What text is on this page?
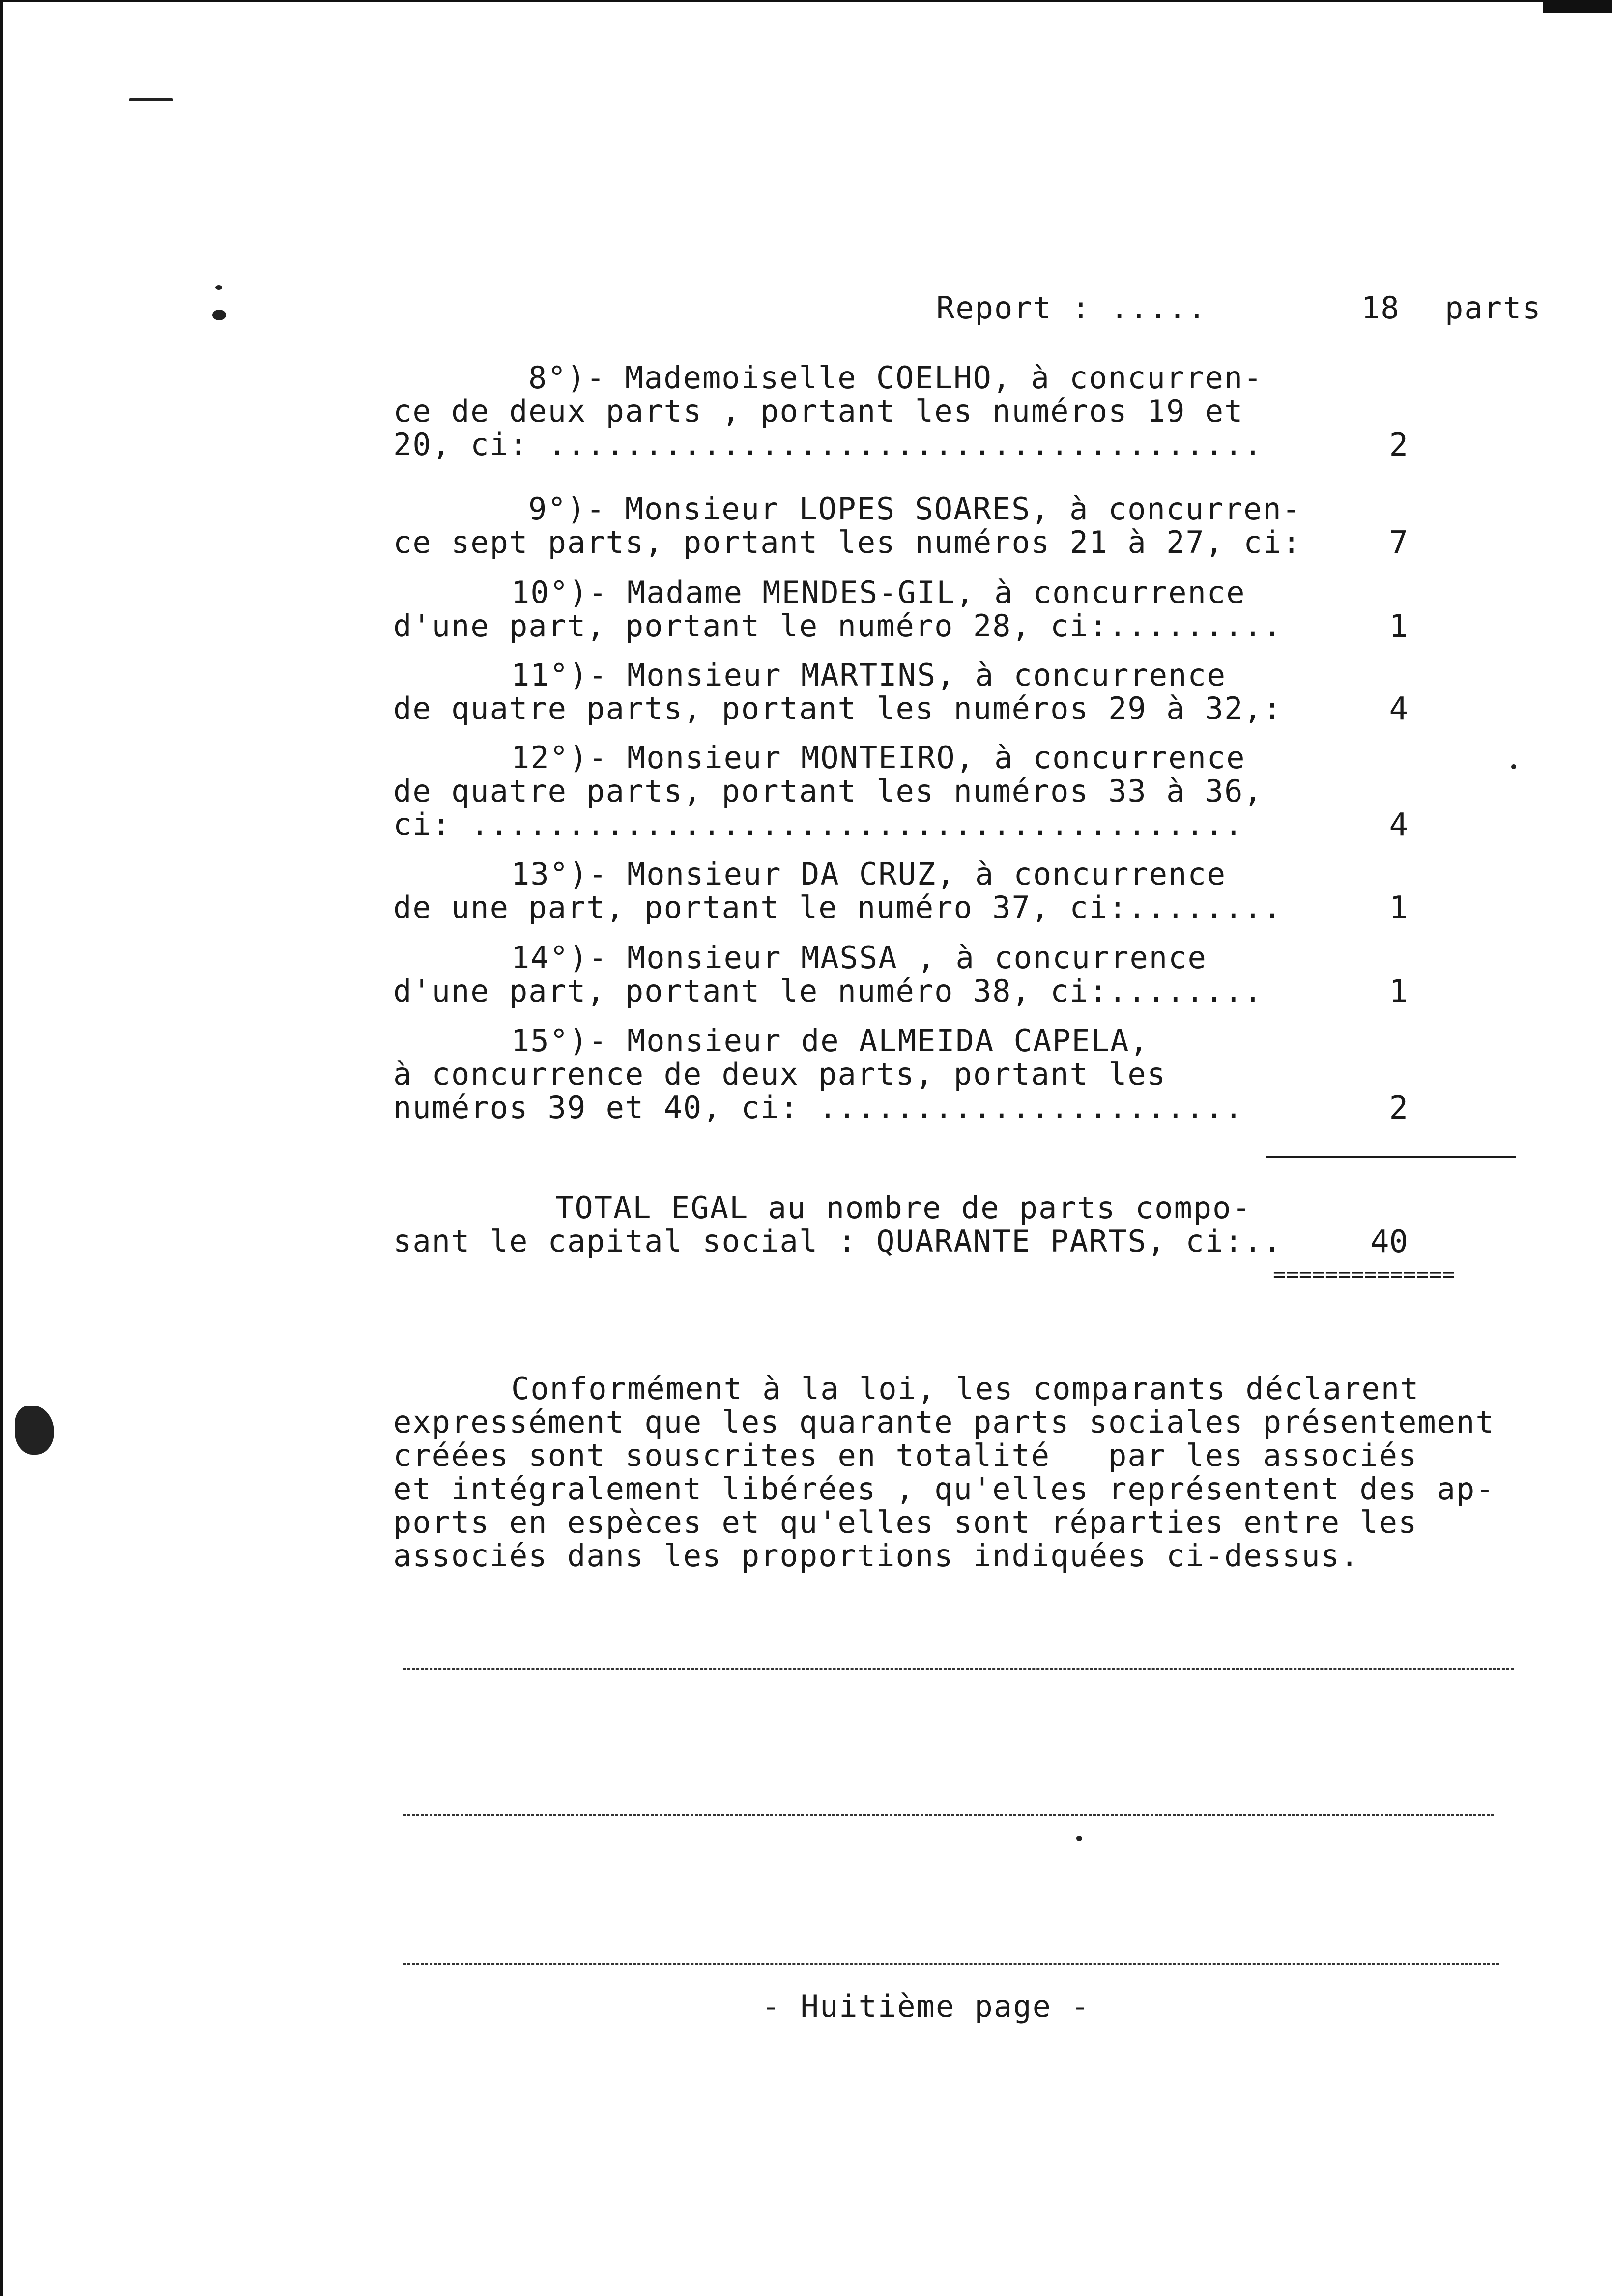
Report : .....	18 parts
8°)- Mademoiselle COELHO, à concurren-
ce de deux parts , portant les numéros 19 et
20, ci: .....................................	2
9°)- Monsieur LOPES SOARES, à concurren-
ce sept parts, portant les numéros 21 à 27, ci:	7
10°)- Madame MENDES-GIL, à concurrence
d'une part, portant le numéro 28, ci:.........	1
11°)- Monsieur MARTINS, à concurrence
de quatre parts, portant les numéros 29 à 32,:	4
12°)- Monsieur MONTEIRO, à concurrence
de quatre parts, portant les numéros 33 à 36,
ci: ........................................	4
13°)- Monsieur DA CRUZ, à concurrence
de une part, portant le numéro 37, ci:........	1
14°)- Monsieur MASSA , à concurrence
d'une part, portant le numéro 38, ci:........	1
15°)- Monsieur de ALMEIDA CAPELA,
à concurrence de deux parts, portant les
numéros 39 et 40, ci: ......................	2
TOTAL EGAL au nombre de parts compo-
sant le capital social : QUARANTE PARTS, ci:..	40
==============
Conformément à la loi, les comparants déclarent
expressément que les quarante parts sociales présentement
créées sont souscrites en totalité   par les associés
et intégralement libérées , qu'elles représentent des ap-
ports en espèces et qu'elles sont réparties entre les
associés dans les proportions indiquées ci-dessus.
- Huitième page -
